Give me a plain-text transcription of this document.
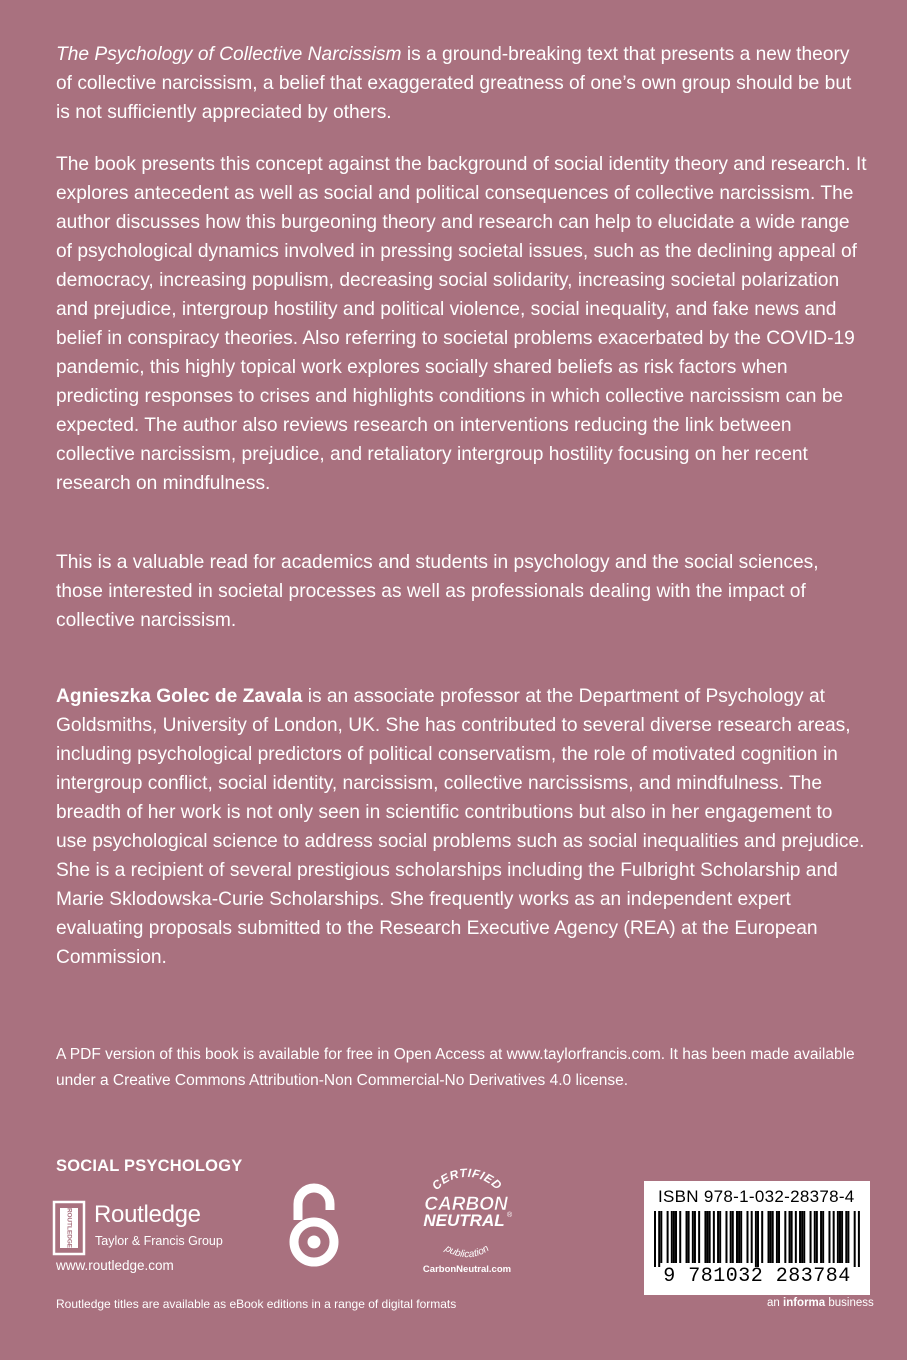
The Psychology of Collective Narcissism is a ground-breaking text that presents a new theory of collective narcissism, a belief that exaggerated greatness of one’s own group should be but is not sufficiently appreciated by others.

The book presents this concept against the background of social identity theory and research. It explores antecedent as well as social and political consequences of collective narcissism. The author discusses how this burgeoning theory and research can help to elucidate a wide range of psychological dynamics involved in pressing societal issues, such as the declining appeal of democracy, increasing populism, decreasing social solidarity, increasing societal polarization and prejudice, intergroup hostility and political violence, social inequality, and fake news and belief in conspiracy theories. Also referring to societal problems exacerbated by the COVID-19 pandemic, this highly topical work explores socially shared beliefs as risk factors when predicting responses to crises and highlights conditions in which collective narcissism can be expected. The author also reviews research on interventions reducing the link between collective narcissism, prejudice, and retaliatory intergroup hostility focusing on her recent research on mindfulness.

This is a valuable read for academics and students in psychology and the social sciences, those interested in societal processes as well as professionals dealing with the impact of collective narcissism.

Agnieszka Golec de Zavala is an associate professor at the Department of Psychology at Goldsmiths, University of London, UK. She has contributed to several diverse research areas, including psychological predictors of political conservatism, the role of motivated cognition in intergroup conflict, social identity, narcissism, collective narcissisms, and mindfulness. The breadth of her work is not only seen in scientific contributions but also in her engagement to use psychological science to address social problems such as social inequalities and prejudice. She is a recipient of several prestigious scholarships including the Fulbright Scholarship and Marie Sklodowska-Curie Scholarships. She frequently works as an independent expert evaluating proposals submitted to the Research Executive Agency (REA) at the European Commission.

A PDF version of this book is available for free in Open Access at www.taylorfrancis.com. It has been made available under a Creative Commons Attribution-Non Commercial-No Derivatives 4.0 license.

SOCIAL PSYCHOLOGY
ROUTLEDGE Routledge
Taylor & Francis Group
www.routledge.com
CERTIFIED
CARBON
NEUTRAL ®
publication
CarbonNeutral.com
ISBN 978-1-032-28378-4
9 781032 283784
Routledge titles are available as eBook editions in a range of digital formats	an informa business
